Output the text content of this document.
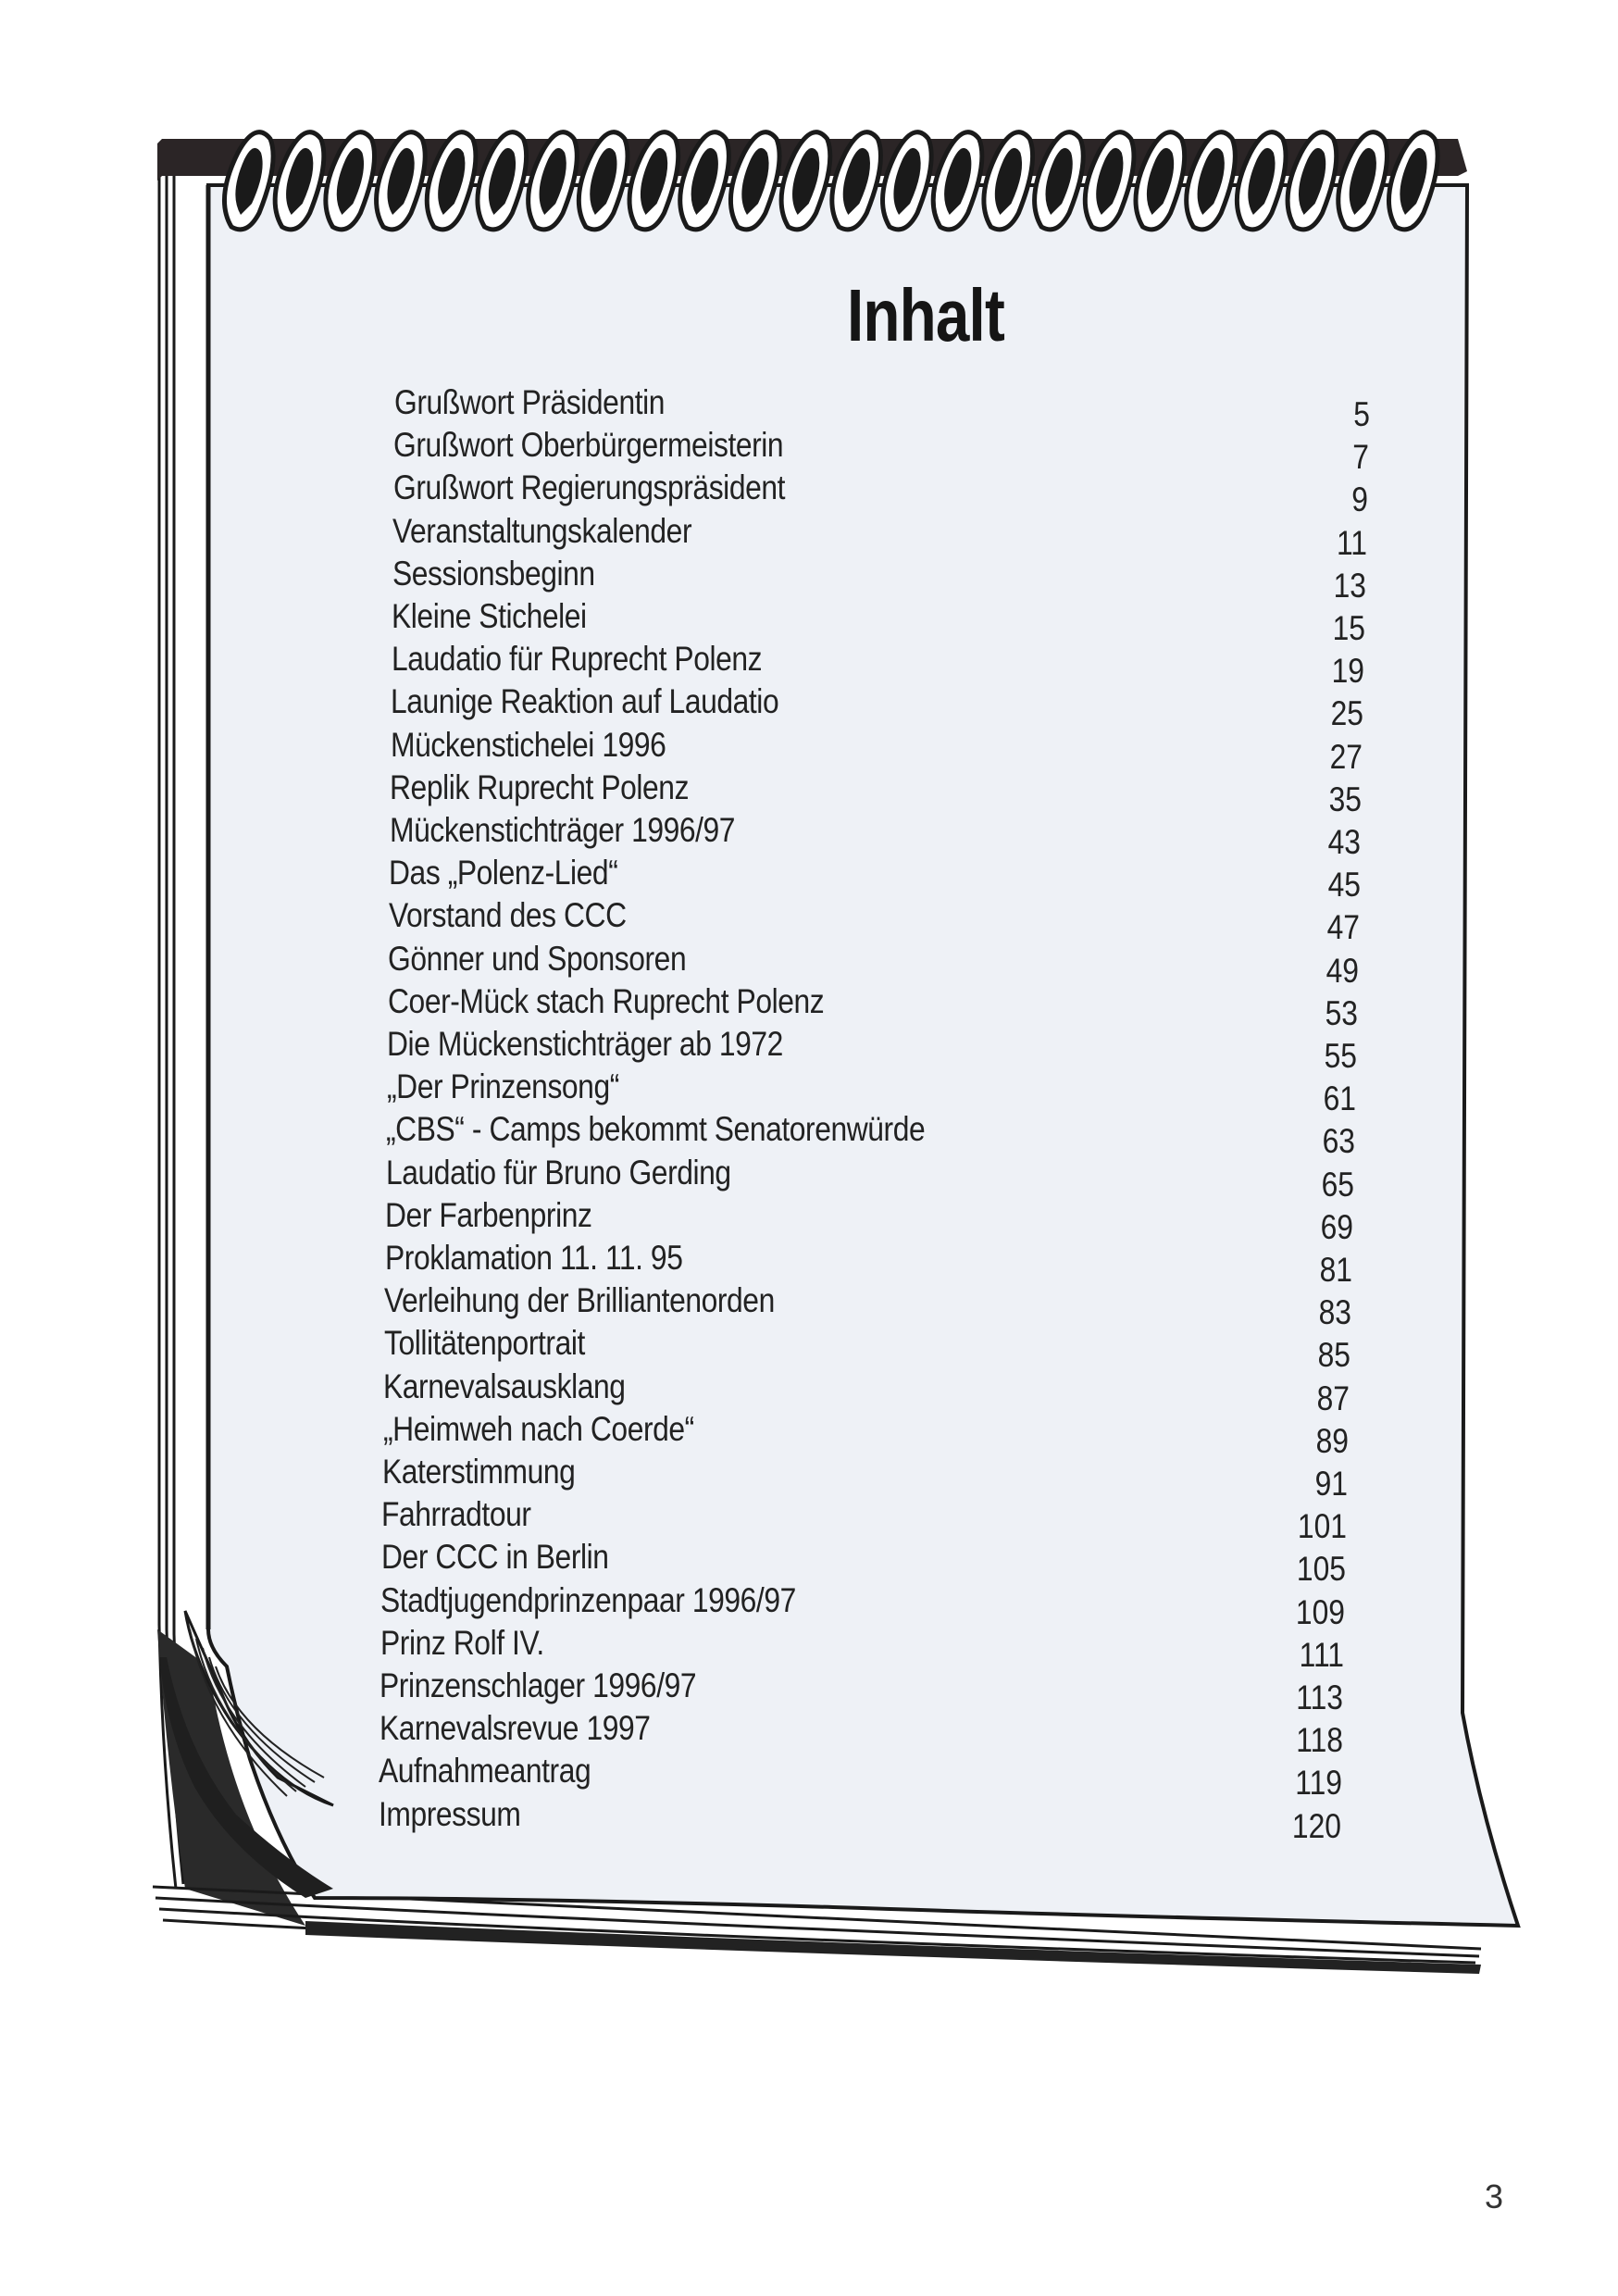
Inhalt
Grußwort Präsidentin	5
Grußwort Oberbürgermeisterin	7
Grußwort Regierungspräsident	9
Veranstaltungskalender	11
Sessionsbeginn	13
Kleine Stichelei	15
Laudatio für Ruprecht Polenz	19
Launige Reaktion auf Laudatio	25
Mückenstichelei 1996	27
Replik Ruprecht Polenz	35
Mückenstichträger 1996/97	43
Das „Polenz-Lied“	45
Vorstand des CCC	47
Gönner und Sponsoren	49
Coer-Mück stach Ruprecht Polenz	53
Die Mückenstichträger ab 1972	55
„Der Prinzensong“	61
„CBS“ - Camps bekommt Senatorenwürde	63
Laudatio für Bruno Gerding	65
Der Farbenprinz	69
Proklamation 11. 11. 95	81
Verleihung der Brilliantenorden	83
Tollitätenportrait	85
Karnevalsausklang	87
„Heimweh nach Coerde“	89
Katerstimmung	91
Fahrradtour	101
Der CCC in Berlin	105
Stadtjugendprinzenpaar 1996/97	109
Prinz Rolf IV.	111
Prinzenschlager 1996/97	113
Karnevalsrevue 1997	118
Aufnahmeantrag	119
Impressum	120
3
